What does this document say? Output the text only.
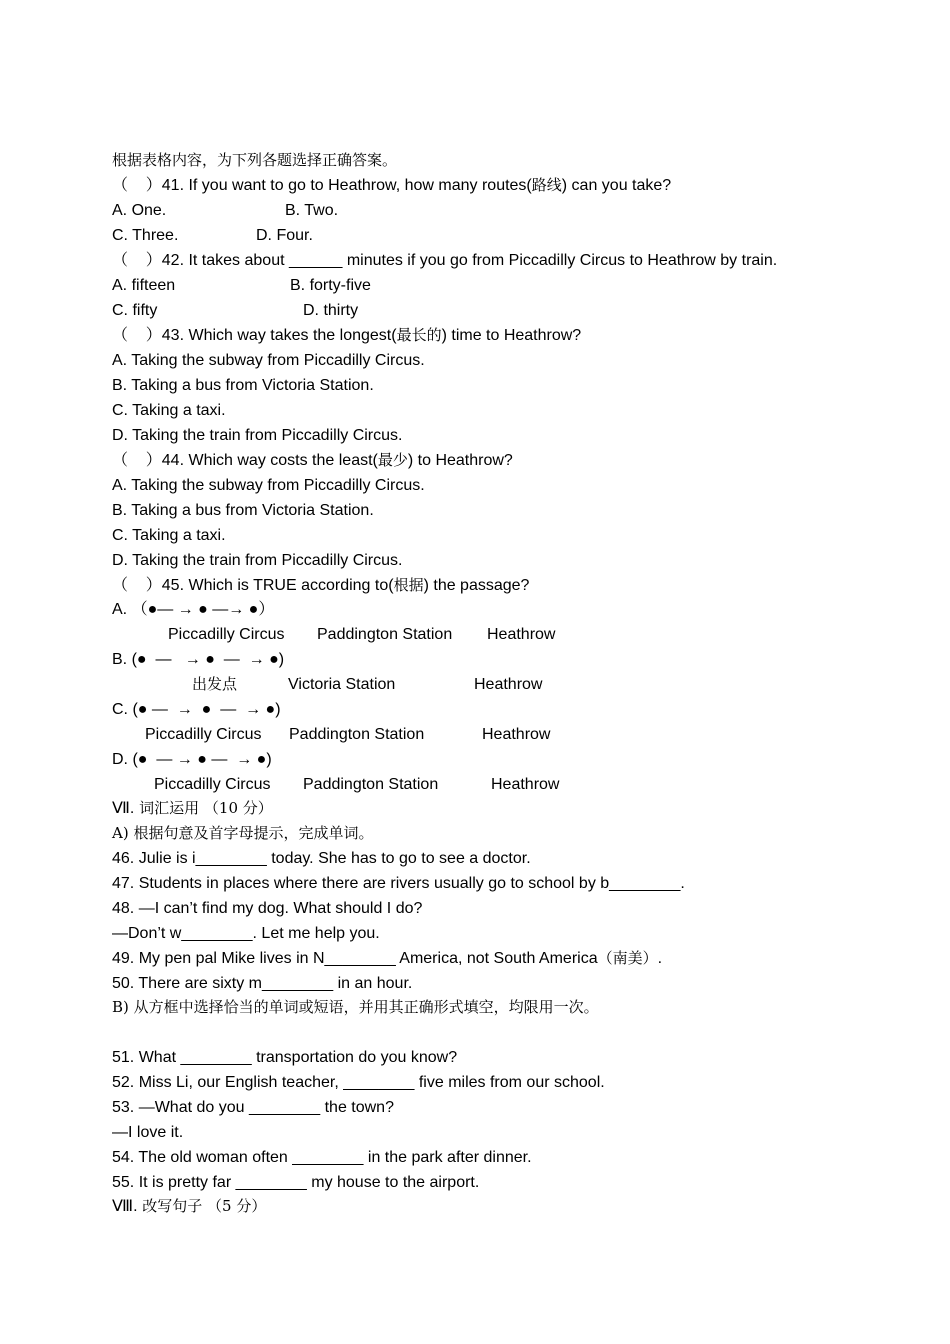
根据表格内容，为下列各题选择正确答案。
（    ）41. If you want to go to Heathrow, how many routes(路线) can you take?

A. One.

	B. Two.

C. Three.

	D. Four.

（    ）42. It takes about ______ minutes if you go from Piccadilly Circus to Heathrow by train.

A. fifteen

	B. forty-five

C. fifty

	D. thirty

（    ）43. Which way takes the longest(最长的) time to Heathrow?
A. Taking the subway from Piccadilly Circus.
B. Taking a bus from Victoria Station.
C. Taking a taxi.
D. Taking the train from Piccadilly Circus.
（    ）44. Which way costs the least(最少) to Heathrow?
A. Taking the subway from Piccadilly Circus.
B. Taking a bus from Victoria Station.
C. Taking a taxi.
D. Taking the train from Piccadilly Circus.
（    ）45. Which is TRUE according to(根据) the passage?
A. （●— → ● —→ ●）

Piccadilly Circus

Paddington Station

Heathrow

B. (●  —   → ●  —  → ●)

出发点

	Victoria Station

	Heathrow

C. (● —  →  ●  —  → ●)

Piccadilly Circus

Paddington Station

	Heathrow

D. (●  — → ● —  → ●)

Piccadilly Circus

Paddington Station

	Heathrow

Ⅶ. 词汇运用 （10 分）
A) 根据句意及首字母提示，完成单词。
46. Julie is i________ today. She has to go to see a doctor.
47. Students in places where there are rivers usually go to school by b________.
48. —I can’t find my dog. What should I do?
—Don’t w________. Let me help you.
49. My pen pal Mike lives in N________ America, not South America（南美）.
50. There are sixty m________ in an hour.
B) 从方框中选择恰当的单词或短语，并用其正确形式填空，均限用一次。
51. What ________ transportation do you know?
52. Miss Li, our English teacher, ________ five miles from our school.
53. —What do you ________ the town?
—I love it.
54. The old woman often ________ in the park after dinner.
55. It is pretty far ________ my house to the airport.
Ⅷ. 改写句子 （5 分）
